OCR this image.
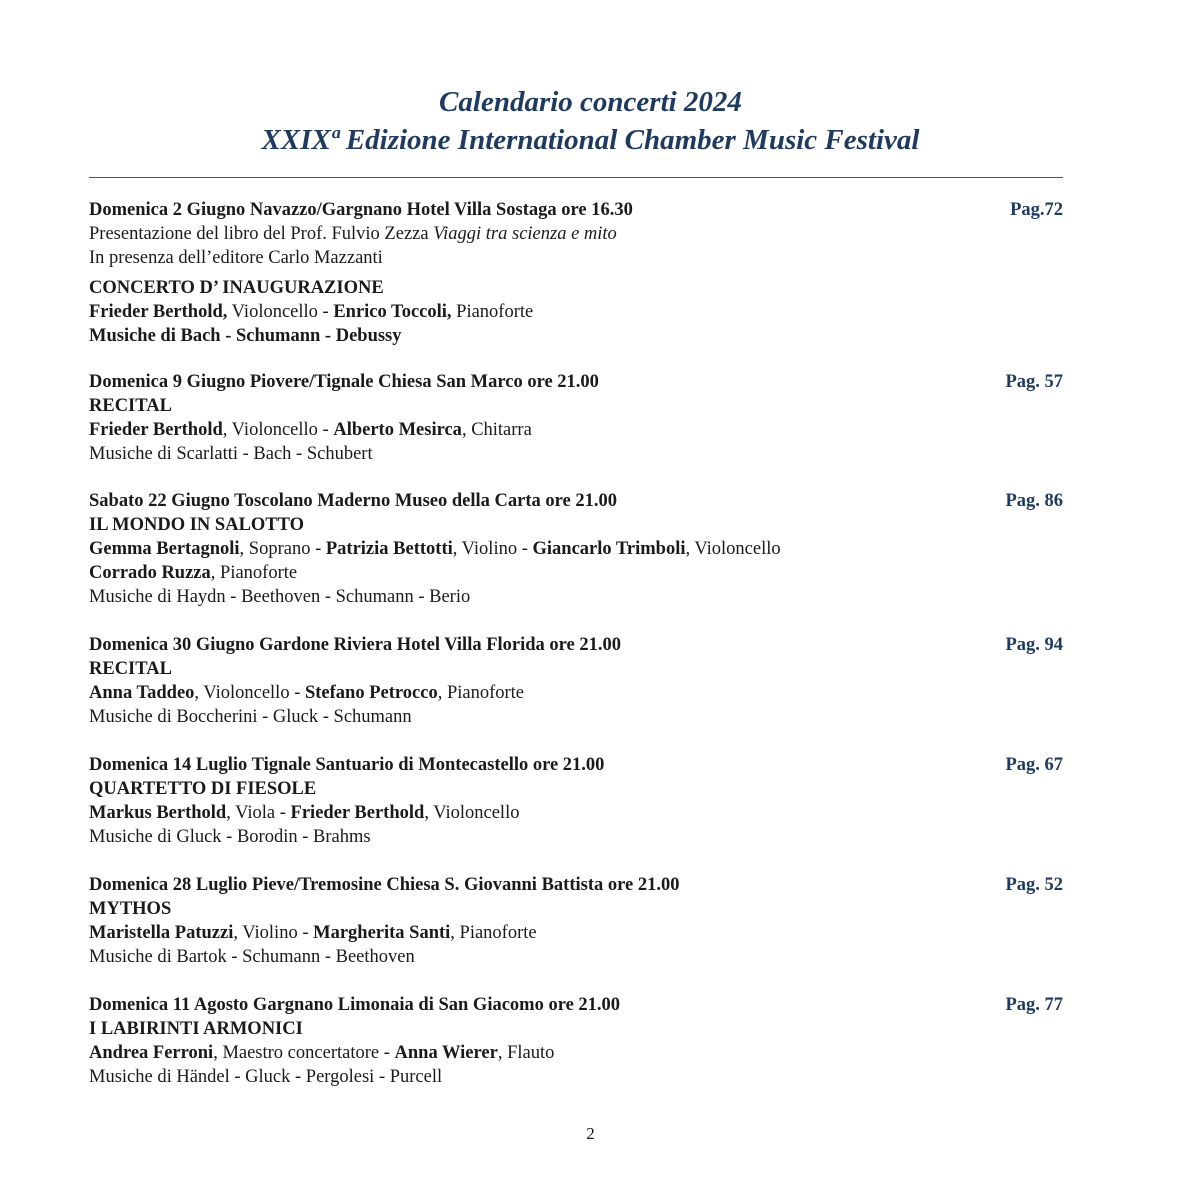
Calendario concerti 2024
XXIXª Edizione International Chamber Music Festival
Pag.72
Domenica 2 Giugno Navazzo/Gargnano Hotel Villa Sostaga ore 16.30
Presentazione del libro del Prof. Fulvio Zezza Viaggi tra scienza e mito
In presenza dell’editore Carlo Mazzanti
CONCERTO D’ INAUGURAZIONE
Frieder Berthold, Violoncello - Enrico Toccoli, Pianoforte
Musiche di Bach - Schumann - Debussy
Pag. 57
Domenica 9 Giugno Piovere/Tignale Chiesa San Marco ore 21.00
RECITAL
Frieder Berthold, Violoncello - Alberto Mesirca, Chitarra
Musiche di Scarlatti - Bach - Schubert
Pag. 86
Sabato 22 Giugno Toscolano Maderno Museo della Carta ore 21.00
IL MONDO IN SALOTTO
Gemma Bertagnoli, Soprano - Patrizia Bettotti, Violino - Giancarlo Trimboli, Violoncello
Corrado Ruzza, Pianoforte
Musiche di Haydn - Beethoven - Schumann - Berio
Pag. 94
Domenica 30 Giugno Gardone Riviera Hotel Villa Florida ore 21.00
RECITAL
Anna Taddeo, Violoncello - Stefano Petrocco, Pianoforte
Musiche di Boccherini - Gluck - Schumann
Pag. 67
Domenica 14 Luglio Tignale Santuario di Montecastello ore 21.00
QUARTETTO DI FIESOLE
Markus Berthold, Viola - Frieder Berthold, Violoncello
Musiche di Gluck - Borodin - Brahms
Pag. 52
Domenica 28 Luglio Pieve/Tremosine Chiesa S. Giovanni Battista ore 21.00
MYTHOS
Maristella Patuzzi, Violino - Margherita Santi, Pianoforte
Musiche di Bartok - Schumann - Beethoven
Pag. 77
Domenica 11 Agosto Gargnano Limonaia di San Giacomo ore 21.00
I LABIRINTI ARMONICI
Andrea Ferroni, Maestro concertatore - Anna Wierer, Flauto
Musiche di Händel - Gluck - Pergolesi - Purcell
2
